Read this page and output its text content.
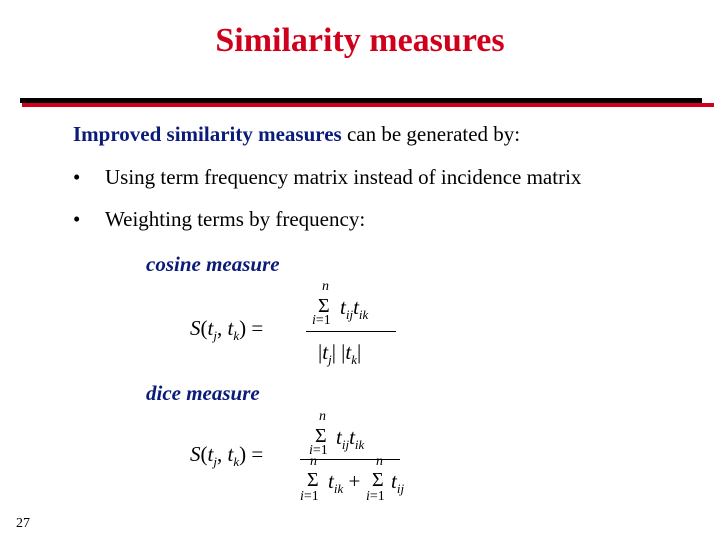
Similarity measures
Improved similarity measures can be generated by:
• Using term frequency matrix instead of incidence matrix
• Weighting terms by frequency:
cosine measure
$S(t_j$, $t_k$) =
n
Σ
i=1
$t_{ij}t_{ik}$
$|t_j|$ $|t_k|$
dice measure
$S(t_j$, $t_k$) =
n
Σ
i=1
$t_{ij}t_{ik}$
n
Σ
i=1
$t_{ik}$ +
n
Σ
i=1
$t_{ij}$
27
